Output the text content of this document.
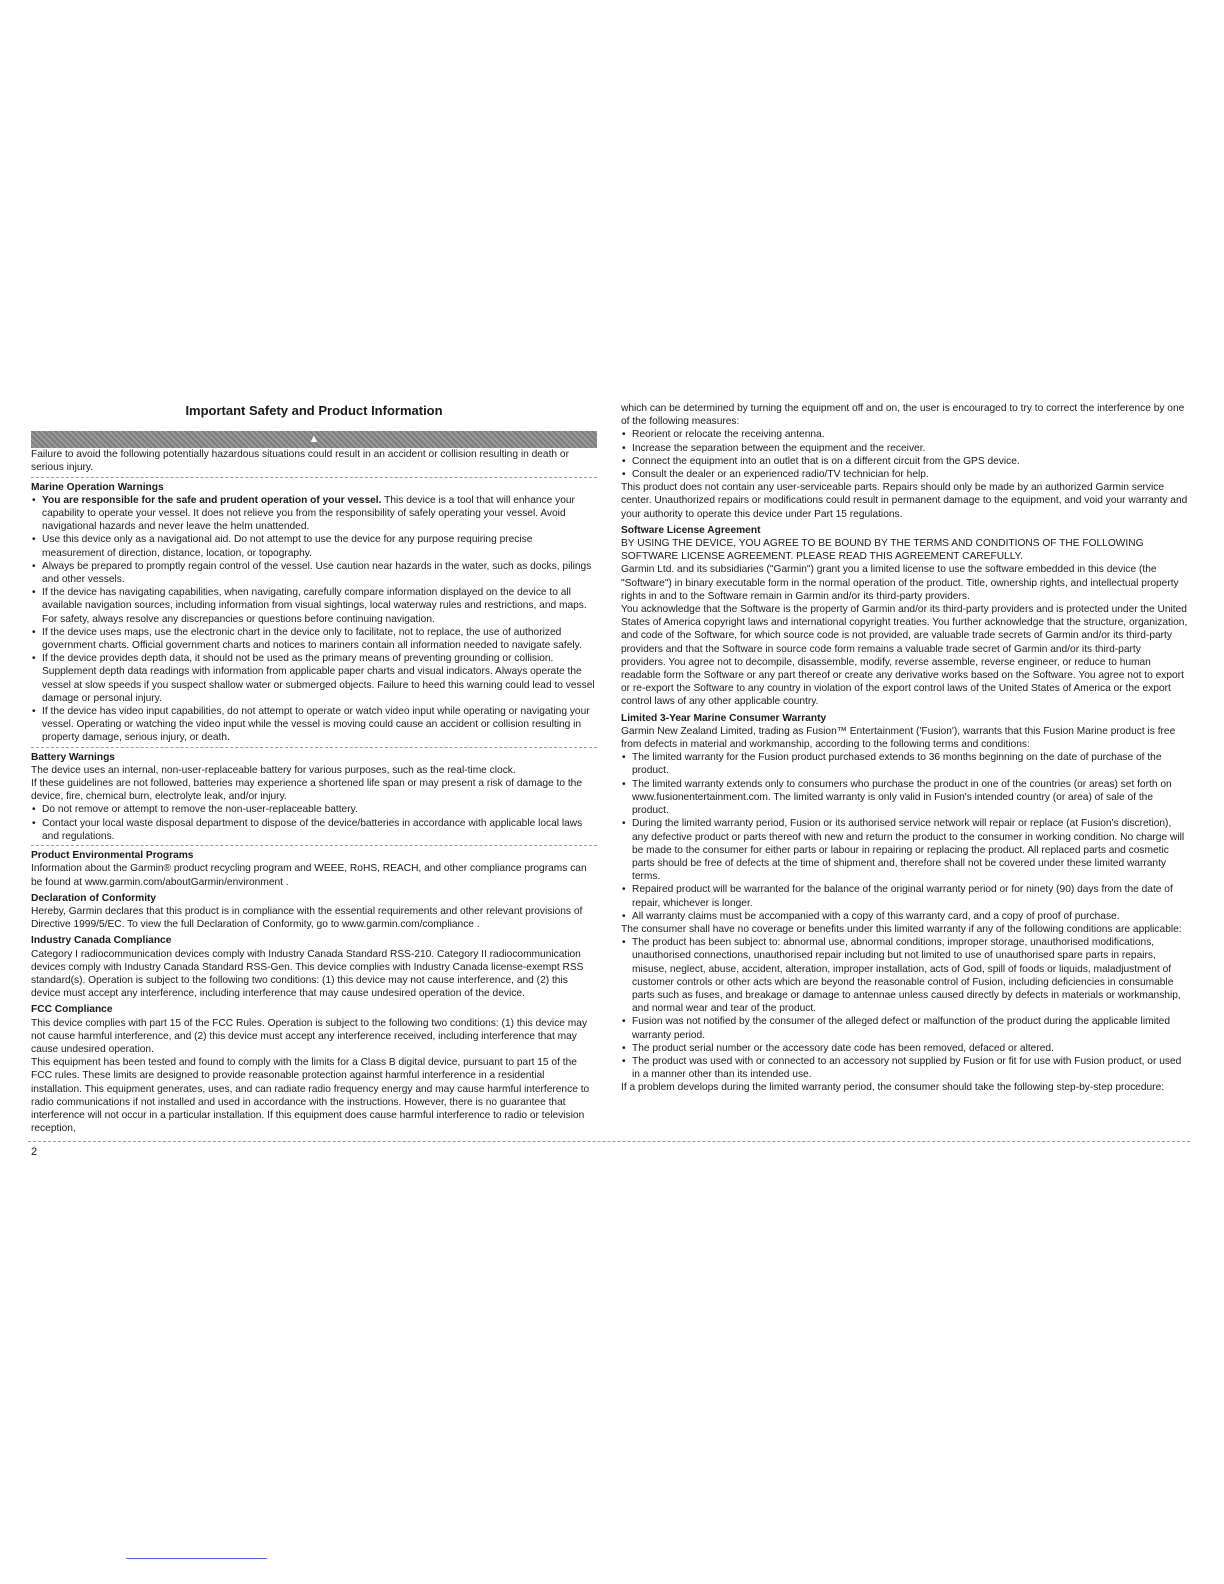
Important Safety and Product Information
▲

Failure to avoid the following potentially hazardous situations could result in an accident or collision resulting in death or serious injury.

Marine Operation Warnings
• You are responsible for the safe and prudent operation of your vessel. This device is a tool that will enhance your capability to operate your vessel. It does not relieve you from the responsibility of safely operating your vessel. Avoid navigational hazards and never leave the helm unattended.
• Use this device only as a navigational aid. Do not attempt to use the device for any purpose requiring precise measurement of direction, distance, location, or topography.
• Always be prepared to promptly regain control of the vessel. Use caution near hazards in the water, such as docks, pilings and other vessels.
• If the device has navigating capabilities, when navigating, carefully compare information displayed on the device to all available navigation sources, including information from visual sightings, local waterway rules and restrictions, and maps. For safety, always resolve any discrepancies or questions before continuing navigation.
• If the device uses maps, use the electronic chart in the device only to facilitate, not to replace, the use of authorized government charts. Official government charts and notices to mariners contain all information needed to navigate safely.
• If the device provides depth data, it should not be used as the primary means of preventing grounding or collision. Supplement depth data readings with information from applicable paper charts and visual indicators. Always operate the vessel at slow speeds if you suspect shallow water or submerged objects. Failure to heed this warning could lead to vessel damage or personal injury.
• If the device has video input capabilities, do not attempt to operate or watch video input while operating or navigating your vessel. Operating or watching the video input while the vessel is moving could cause an accident or collision resulting in property damage, serious injury, or death.
Battery Warnings

The device uses an internal, non-user-replaceable battery for various purposes, such as the real-time clock.

If these guidelines are not followed, batteries may experience a shortened life span or may present a risk of damage to the device, fire, chemical burn, electrolyte leak, and/or injury.

• Do not remove or attempt to remove the non-user-replaceable battery.
• Contact your local waste disposal department to dispose of the device/batteries in accordance with applicable local laws and regulations.
Product Environmental Programs

Information about the Garmin® product recycling program and WEEE, RoHS, REACH, and other compliance programs can be found at www.garmin.com/aboutGarmin/environment .

Declaration of Conformity

Hereby, Garmin declares that this product is in compliance with the essential requirements and other relevant provisions of Directive 1999/5/EC. To view the full Declaration of Conformity, go to www.garmin.com/compliance .

Industry Canada Compliance

Category I radiocommunication devices comply with Industry Canada Standard RSS-210. Category II radiocommunication devices comply with Industry Canada Standard RSS-Gen. This device complies with Industry Canada license-exempt RSS standard(s). Operation is subject to the following two conditions: (1) this device may not cause interference, and (2) this device must accept any interference, including interference that may cause undesired operation of the device.

FCC Compliance

This device complies with part 15 of the FCC Rules. Operation is subject to the following two conditions: (1) this device may not cause harmful interference, and (2) this device must accept any interference received, including interference that may cause undesired operation.

This equipment has been tested and found to comply with the limits for a Class B digital device, pursuant to part 15 of the FCC rules. These limits are designed to provide reasonable protection against harmful interference in a residential installation. This equipment generates, uses, and can radiate radio frequency energy and may cause harmful interference to radio communications if not installed and used in accordance with the instructions. However, there is no guarantee that interference will not occur in a particular installation. If this equipment does cause harmful interference to radio or television reception,

which can be determined by turning the equipment off and on, the user is encouraged to try to correct the interference by one of the following measures:

• Reorient or relocate the receiving antenna.
• Increase the separation between the equipment and the receiver.
• Connect the equipment into an outlet that is on a different circuit from the GPS device.
• Consult the dealer or an experienced radio/TV technician for help.

This product does not contain any user-serviceable parts. Repairs should only be made by an authorized Garmin service center. Unauthorized repairs or modifications could result in permanent damage to the equipment, and void your warranty and your authority to operate this device under Part 15 regulations.

Software License Agreement

BY USING THE DEVICE, YOU AGREE TO BE BOUND BY THE TERMS AND CONDITIONS OF THE FOLLOWING SOFTWARE LICENSE AGREEMENT. PLEASE READ THIS AGREEMENT CAREFULLY.

Garmin Ltd. and its subsidiaries ("Garmin") grant you a limited license to use the software embedded in this device (the "Software") in binary executable form in the normal operation of the product. Title, ownership rights, and intellectual property rights in and to the Software remain in Garmin and/or its third-party providers.

You acknowledge that the Software is the property of Garmin and/or its third-party providers and is protected under the United States of America copyright laws and international copyright treaties. You further acknowledge that the structure, organization, and code of the Software, for which source code is not provided, are valuable trade secrets of Garmin and/or its third-party providers and that the Software in source code form remains a valuable trade secret of Garmin and/or its third-party providers. You agree not to decompile, disassemble, modify, reverse assemble, reverse engineer, or reduce to human readable form the Software or any part thereof or create any derivative works based on the Software. You agree not to export or re-export the Software to any country in violation of the export control laws of the United States of America or the export control laws of any other applicable country.

Limited 3-Year Marine Consumer Warranty

Garmin New Zealand Limited, trading as Fusion™ Entertainment ('Fusion'), warrants that this Fusion Marine product is free from defects in material and workmanship, according to the following terms and conditions:

• The limited warranty for the Fusion product purchased extends to 36 months beginning on the date of purchase of the product.
• The limited warranty extends only to consumers who purchase the product in one of the countries (or areas) set forth on www.fusionentertainment.com. The limited warranty is only valid in Fusion's intended country (or area) of sale of the product.
• During the limited warranty period, Fusion or its authorised service network will repair or replace (at Fusion's discretion), any defective product or parts thereof with new and return the product to the consumer in working condition. No charge will be made to the consumer for either parts or labour in repairing or replacing the product. All replaced parts and cosmetic parts should be free of defects at the time of shipment and, therefore shall not be covered under these limited warranty terms.
• Repaired product will be warranted for the balance of the original warranty period or for ninety (90) days from the date of repair, whichever is longer.
• All warranty claims must be accompanied with a copy of this warranty card, and a copy of proof of purchase.

The consumer shall have no coverage or benefits under this limited warranty if any of the following conditions are applicable:

• The product has been subject to: abnormal use, abnormal conditions, improper storage, unauthorised modifications, unauthorised connections, unauthorised repair including but not limited to use of unauthorised spare parts in repairs, misuse, neglect, abuse, accident, alteration, improper installation, acts of God, spill of foods or liquids, maladjustment of customer controls or other acts which are beyond the reasonable control of Fusion, including deficiencies in consumable parts such as fuses, and breakage or damage to antennae unless caused directly by defects in materials or workmanship, and normal wear and tear of the product.
• Fusion was not notified by the consumer of the alleged defect or malfunction of the product during the applicable limited warranty period.
• The product serial number or the accessory date code has been removed, defaced or altered.
• The product was used with or connected to an accessory not supplied by Fusion or fit for use with Fusion product, or used in a manner other than its intended use.

If a problem develops during the limited warranty period, the consumer should take the following step-by-step procedure:

2
